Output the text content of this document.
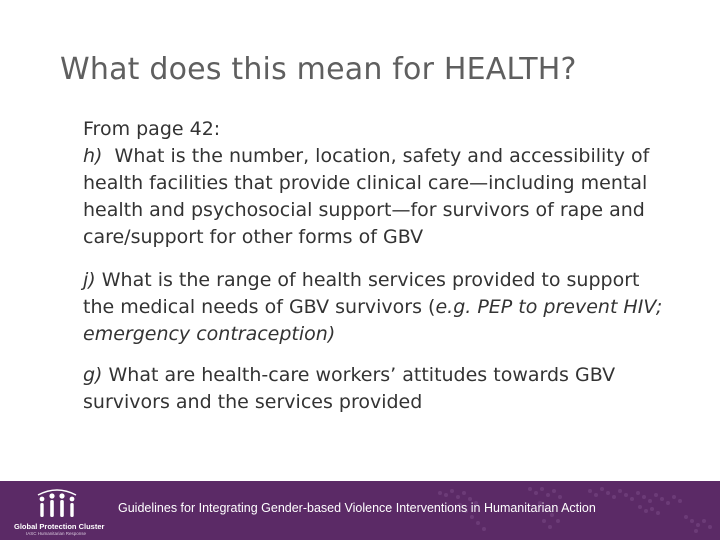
What does this mean for HEALTH?

From page 42:

h)  What is the number, location, safety and accessibility of health facilities that provide clinical care—including mental health and psychosocial support—for survivors of rape and care/support for other forms of GBV

j) What is the range of health services provided to support the medical needs of GBV survivors (e.g. PEP to prevent HIV; emergency contraception)

g) What are health-care workers’ attitudes towards GBV survivors and the services provided

Global Protection Cluster
IASC Humanitarian Response
Guidelines for Integrating Gender-based Violence Interventions in Humanitarian Action
